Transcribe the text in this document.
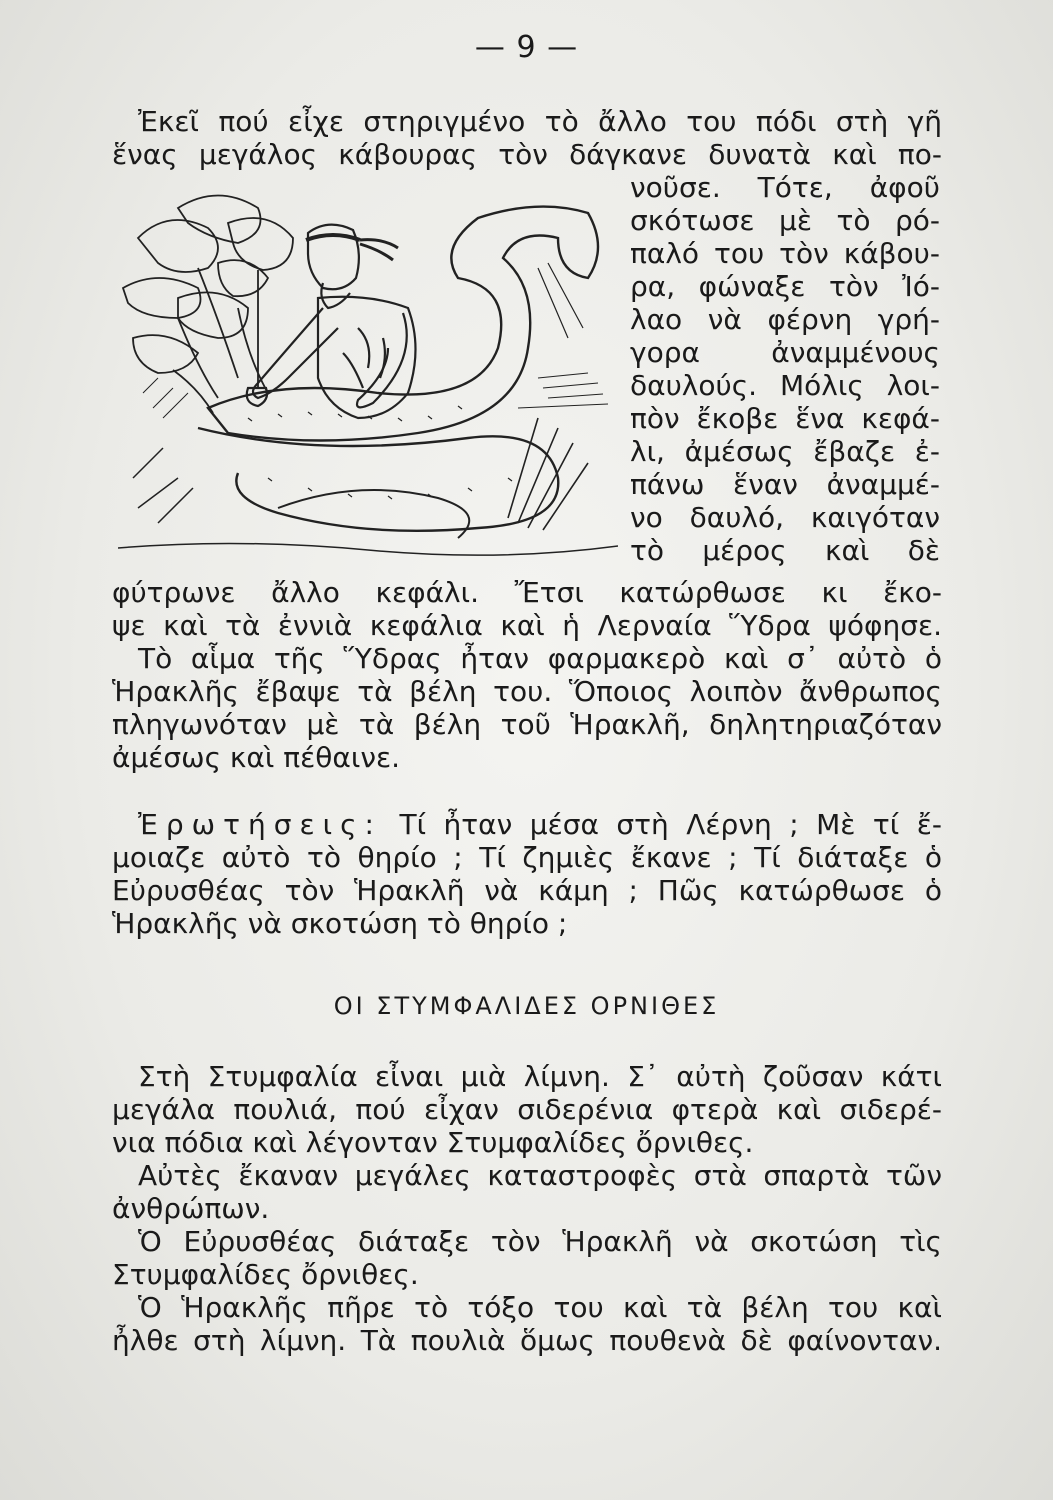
— 9 —
Ἐκεῖ πού εἶχε στηριγμένο τὸ ἄλλο του πόδι στὴ γῆ
ἕνας μεγάλος κάβουρας τὸν δάγκανε δυνατὰ καὶ πο-
νοῦσε. Τότε, ἀφοῦ
σκότωσε μὲ τὸ ρό-
παλό του τὸν κάβου-
ρα, φώναξε τὸν Ἰό-
λαο νὰ φέρνη γρή-
γορα ἀναμμένους
δαυλούς. Μόλις λοι-
πὸν ἔκοβε ἕνα κεφά-
λι, ἀμέσως ἔβαζε ἐ-
πάνω ἕναν ἀναμμέ-
νο δαυλό, καιγόταν
τὸ μέρος καὶ δὲ
φύτρωνε ἄλλο κεφάλι. Ἔτσι κατώρθωσε κι ἔκο-
ψε καὶ τὰ ἐννιὰ κεφάλια καὶ ἡ Λερναία Ὕδρα ψόφησε.
Τὸ αἷμα τῆς Ὕδρας ἦταν φαρμακερὸ καὶ σ᾿ αὐτὸ ὁ
Ἡρακλῆς ἔβαψε τὰ βέλη του. Ὅποιος λοιπὸν ἄνθρωπος
πληγωνόταν μὲ τὰ βέλη τοῦ Ἡρακλῆ, δηλητηριαζόταν
ἀμέσως καὶ πέθαινε.
Ἐρωτήσεις: Τί ἦταν μέσα στὴ Λέρνη ; Μὲ τί ἔ-
μοιαζε αὐτὸ τὸ θηρίο ; Τί ζημιὲς ἔκανε ; Τί διάταξε ὁ
Εὐρυσθέας τὸν Ἡρακλῆ νὰ κάμη ; Πῶς κατώρθωσε ὁ
Ἡρακλῆς νὰ σκοτώση τὸ θηρίο ;
ΟΙ ΣΤΥΜΦΑΛΙΔΕΣ ΟΡΝΙΘΕΣ
Στὴ Στυμφαλία εἶναι μιὰ λίμνη. Σ᾿ αὐτὴ ζοῦσαν κάτι
μεγάλα πουλιά, πού εἶχαν σιδερένια φτερὰ καὶ σιδερέ-
νια πόδια καὶ λέγονταν Στυμφαλίδες ὄρνιθες.
Αὐτὲς ἔκαναν μεγάλες καταστροφὲς στὰ σπαρτὰ τῶν
ἀνθρώπων.
Ὁ Εὐρυσθέας διάταξε τὸν Ἡρακλῆ νὰ σκοτώση τὶς
Στυμφαλίδες ὄρνιθες.
Ὁ Ἡρακλῆς πῆρε τὸ τόξο του καὶ τὰ βέλη του καὶ
ἦλθε στὴ λίμνη. Τὰ πουλιὰ ὅμως πουθενὰ δὲ φαίνονταν.
